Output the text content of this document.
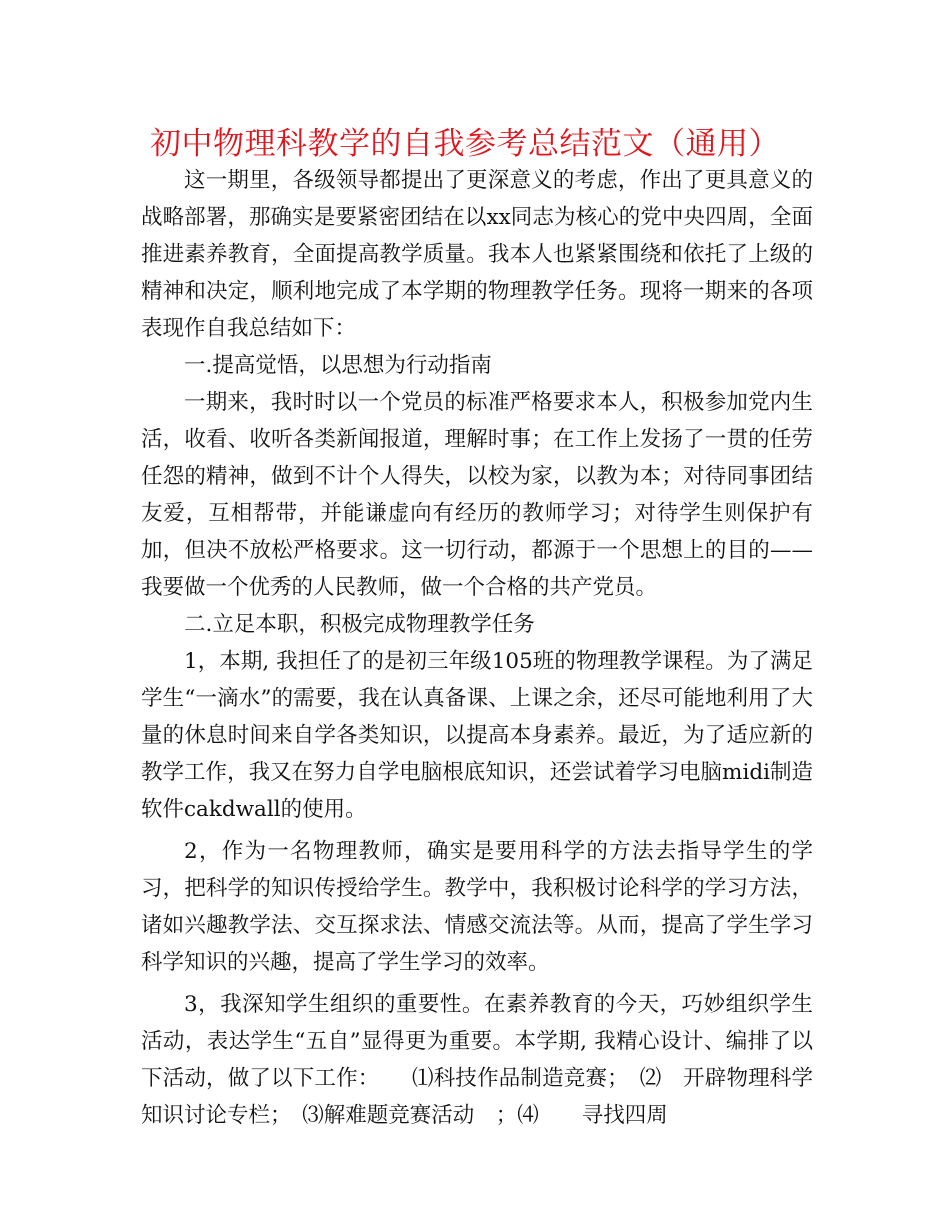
初中物理科教学的自我参考总结范文（通用）

这一期里，各级领导都提出了更深意义的考虑，作出了更具意义的战略部署，那确实是要紧密团结在以xx同志为核心的党中央四周，全面推进素养教育，全面提高教学质量。我本人也紧紧围绕和依托了上级的精神和决定，顺利地完成了本学期的物理教学任务。现将一期来的各项表现作自我总结如下：

一.提高觉悟，以思想为行动指南

一期来，我时时以一个党员的标准严格要求本人，积极参加党内生活，收看、收听各类新闻报道，理解时事；在工作上发扬了一贯的任劳任怨的精神，做到不计个人得失，以校为家，以教为本；对待同事团结友爱，互相帮带，并能谦虚向有经历的教师学习；对待学生则保护有加，但决不放松严格要求。这一切行动，都源于一个思想上的目的——我要做一个优秀的人民教师，做一个合格的共产党员。

二.立足本职，积极完成物理教学任务

1，本期, 我担任了的是初三年级105班的物理教学课程。为了满足学生“一滴水”的需要，我在认真备课、上课之余，还尽可能地利用了大量的休息时间来自学各类知识，以提高本身素养。最近，为了适应新的教学工作，我又在努力自学电脑根底知识，还尝试着学习电脑midi制造软件cakdwall的使用。

2，作为一名物理教师，确实是要用科学的方法去指导学生的学习，把科学的知识传授给学生。教学中，我积极讨论科学的学习方法，诸如兴趣教学法、交互探求法、情感交流法等。从而，提高了学生学习科学知识的兴趣，提高了学生学习的效率。

3，我深知学生组织的重要性。在素养教育的今天，巧妙组织学生活动，表达学生“五自”显得更为重要。本学期, 我精心设计、编排了以下活动，做了以下工作：　　⑴科技作品制造竞赛；　⑵　开辟物理科学知识讨论专栏；　⑶解难题竞赛活动　；⑷　　寻找四周
